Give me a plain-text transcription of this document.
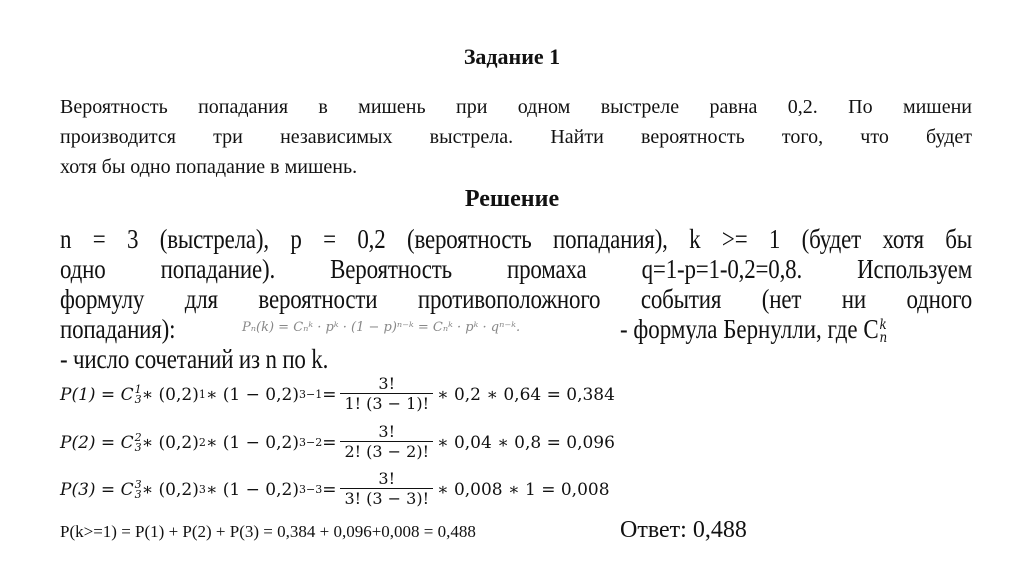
Задание 1
Вероятность попадания в мишень при одном выстреле равна 0,2. По мишени
производится три независимых выстрела. Найти вероятность того, что будет
хотя бы одно попадание в мишень.
Решение
n = 3 (выстрела), p = 0,2 (вероятность попадания), k >= 1 (будет хотя бы
одно попадание). Вероятность промаха q=1-p=1-0,2=0,8. Используем
формулу для вероятности противоположного события (нет ни одного
попадания):	Pₙ(k) = Cₙᵏ · pᵏ · (1 − p)ⁿ⁻ᵏ = Cₙᵏ · pᵏ · qⁿ⁻ᵏ.	- формула Бернулли, где C k
n
- число сочетаний из n по k.
P(1) = C 1
3 ∗ (0,2) 1 ∗ (1 − 0,2) $3-1 = \frac{3!}{1! (3 - 1)!}$ ∗ 0,2 ∗ 0,64 = 0,384
P(2) = C 2
3 ∗ (0,2) 2 ∗ (1 − 0,2) $3-2 = \frac{3!}{2! (3 - 2)!}$ ∗ 0,04 ∗ 0,8 = 0,096
P(3) = C 3
3 ∗ (0,2) 3 ∗ (1 − 0,2) $3-3 = \frac{3!}{3! (3 - 3)!}$ ∗ 0,008 ∗ 1 = 0,008
P(k>=1) = P(1) + P(2) + P(3) = 0,384 + 0,096+0,008 = 0,488	Ответ: 0,488
